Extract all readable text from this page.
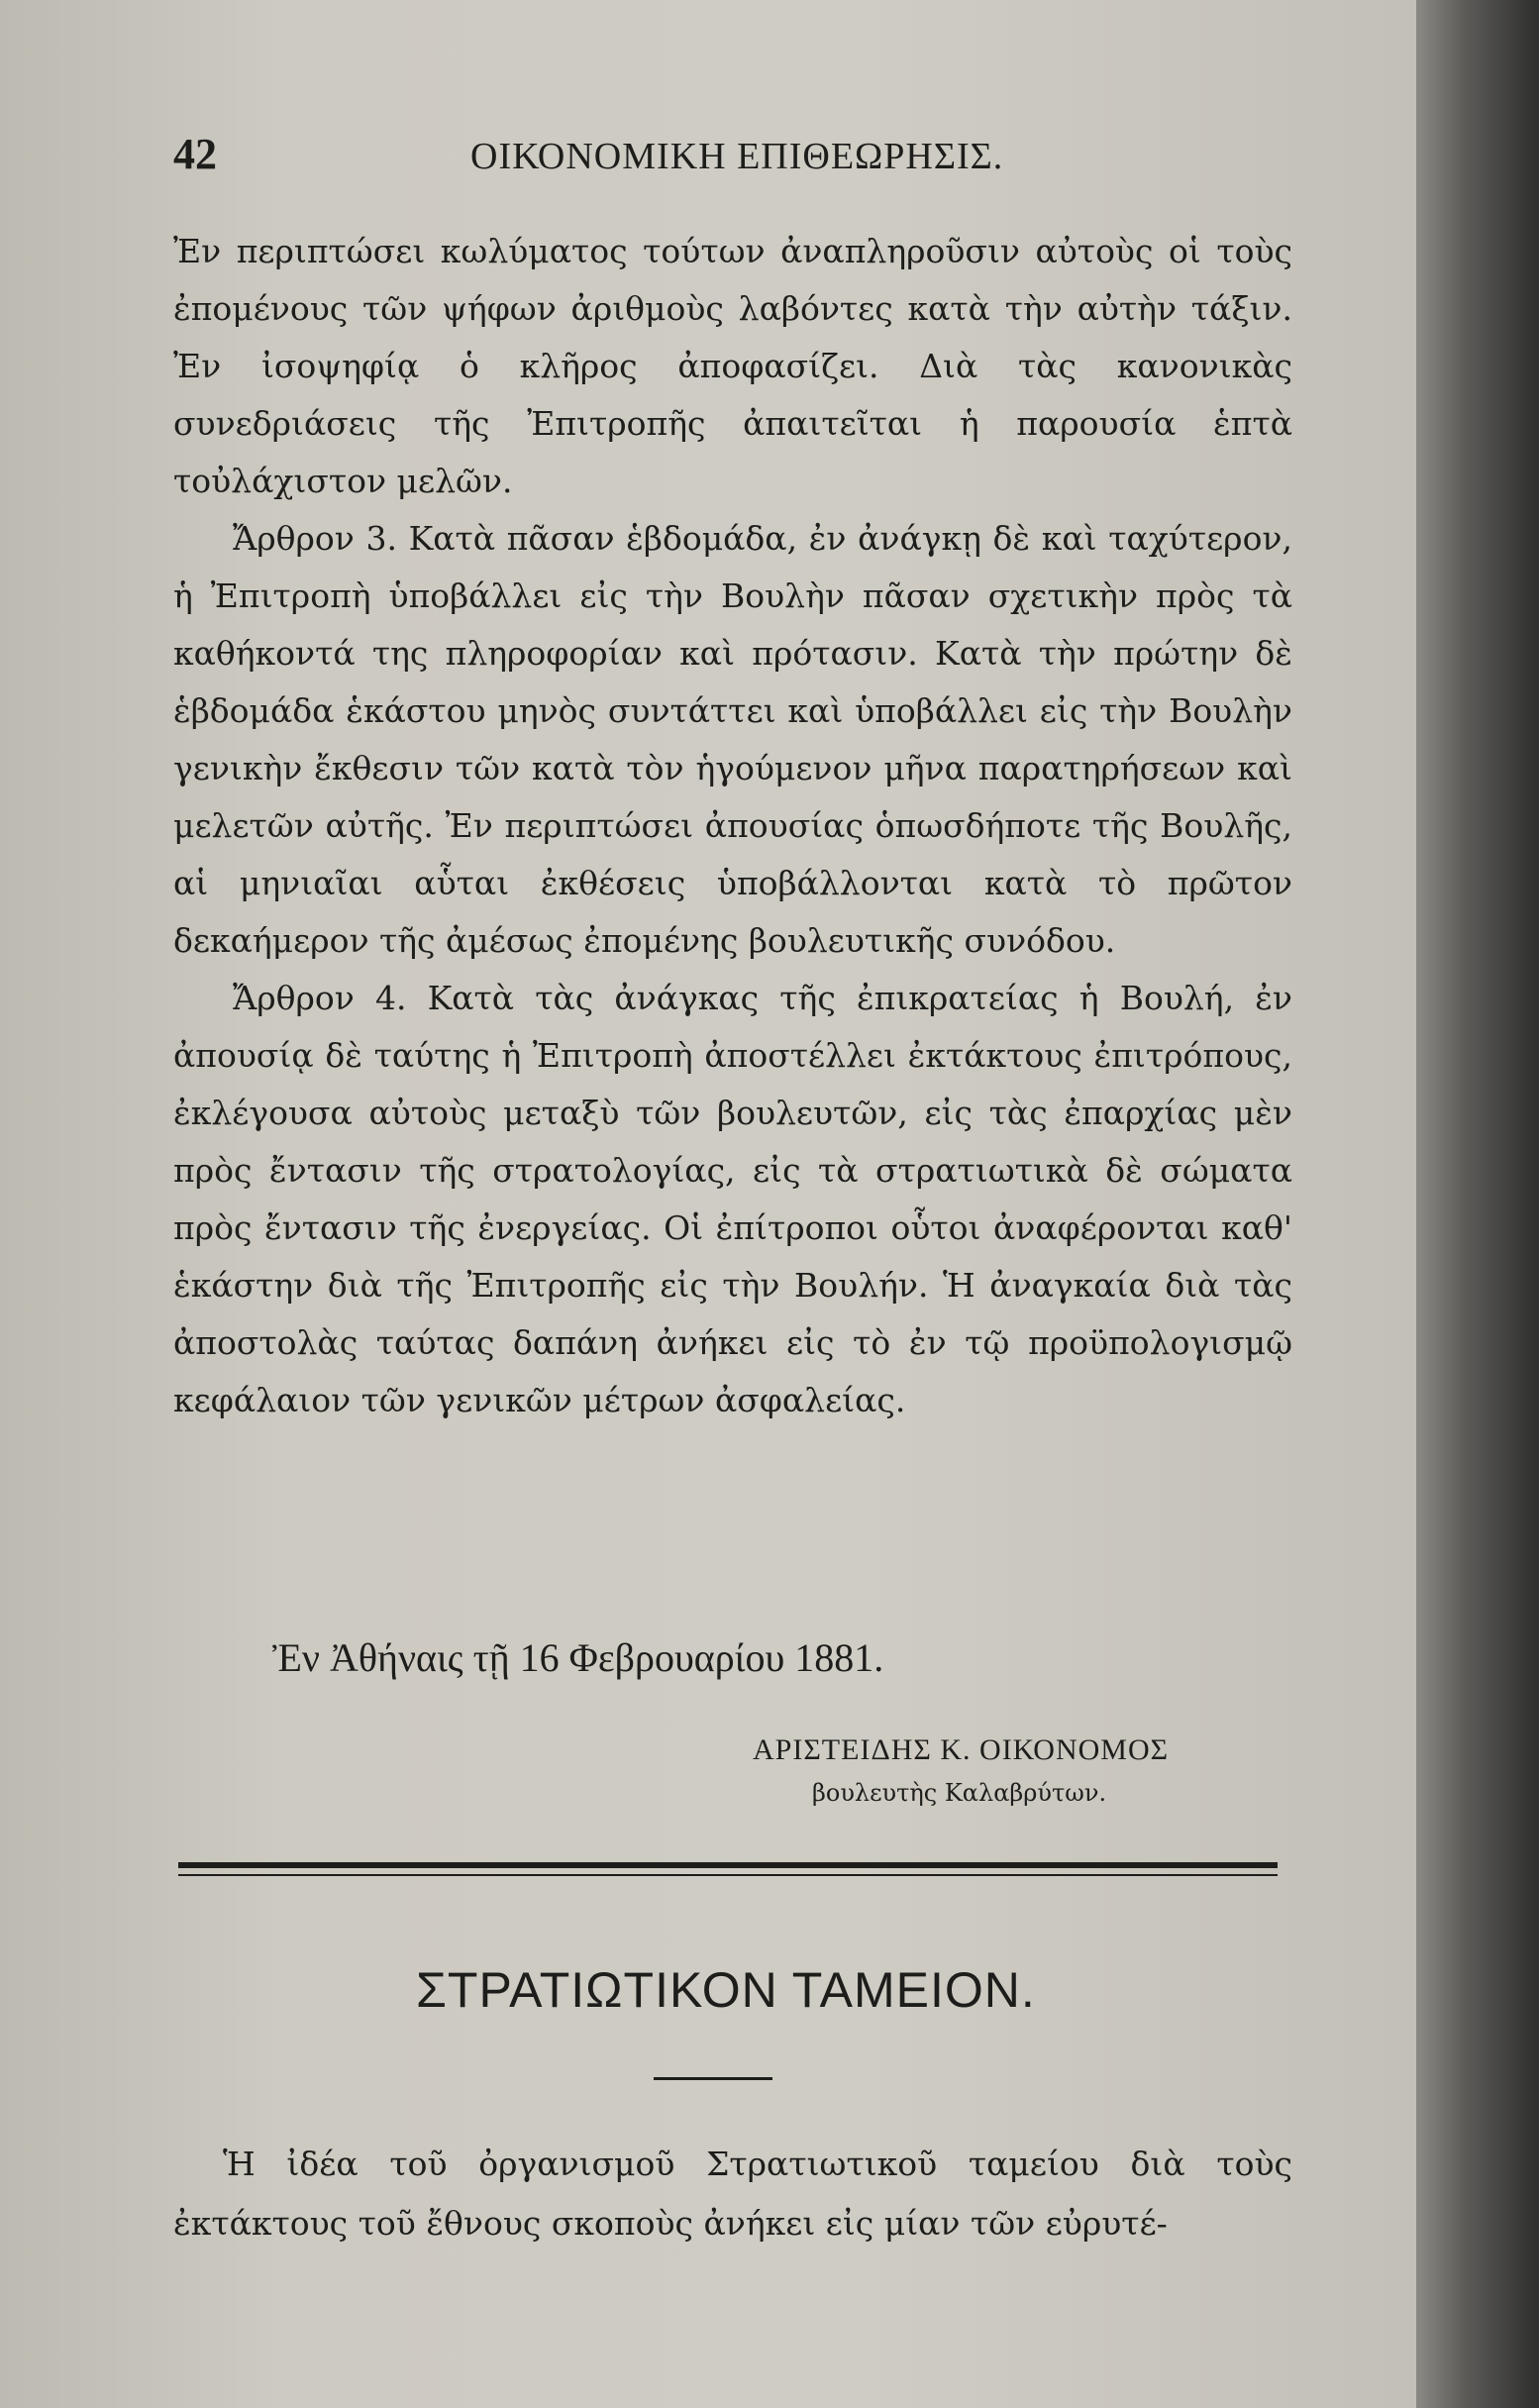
42	ΟΙΚΟΝΟΜΙΚΗ ΕΠΙΘΕΩΡΗΣΙΣ.

Ἐν περιπτώσει κωλύματος τούτων ἀναπληροῦσιν αὐτοὺς οἱ τοὺς ἐπομένους τῶν ψήφων ἀριθμοὺς λαβόντες κατὰ τὴν αὐτὴν τάξιν. Ἐν ἰσοψηφίᾳ ὁ κλῆρος ἀποφασίζει. Διὰ τὰς κανονικὰς συνεδριάσεις τῆς Ἐπιτροπῆς ἀπαιτεῖται ἡ παρουσία ἑπτὰ τοὐλάχιστον μελῶν.

Ἄρθρον 3. Κατὰ πᾶσαν ἑβδομάδα, ἐν ἀνάγκῃ δὲ καὶ ταχύτερον, ἡ Ἐπιτροπὴ ὑποβάλλει εἰς τὴν Βουλὴν πᾶσαν σχετικὴν πρὸς τὰ καθήκοντά της πληροφορίαν καὶ πρότασιν. Κατὰ τὴν πρώτην δὲ ἑβδομάδα ἑκάστου μηνὸς συντάττει καὶ ὑποβάλλει εἰς τὴν Βουλὴν γενικὴν ἔκθεσιν τῶν κατὰ τὸν ἡγούμενον μῆνα παρατηρήσεων καὶ μελετῶν αὐτῆς. Ἐν περιπτώσει ἀπουσίας ὁπωσδήποτε τῆς Βουλῆς, αἱ μηνιαῖαι αὗται ἐκθέσεις ὑποβάλλονται κατὰ τὸ πρῶτον δεκαήμερον τῆς ἀμέσως ἐπομένης βουλευτικῆς συνόδου.

Ἄρθρον 4. Κατὰ τὰς ἀνάγκας τῆς ἐπικρατείας ἡ Βουλή, ἐν ἀπουσίᾳ δὲ ταύτης ἡ Ἐπιτροπὴ ἀποστέλλει ἐκτάκτους ἐπιτρόπους, ἐκλέγουσα αὐτοὺς μεταξὺ τῶν βουλευτῶν, εἰς τὰς ἐπαρχίας μὲν πρὸς ἔντασιν τῆς στρατολογίας, εἰς τὰ στρατιωτικὰ δὲ σώματα πρὸς ἔντασιν τῆς ἐνεργείας. Οἱ ἐπίτροποι οὗτοι ἀναφέρονται καθ' ἑκάστην διὰ τῆς Ἐπιτροπῆς εἰς τὴν Βουλήν. Ἡ ἀναγκαία διὰ τὰς ἀποστολὰς ταύτας δαπάνη ἀνήκει εἰς τὸ ἐν τῷ προϋπολογισμῷ κεφάλαιον τῶν γενικῶν μέτρων ἀσφαλείας.

Ἐν Ἀθήναις τῇ 16 Φεβρουαρίου 1881.
ΑΡΙΣΤΕΙΔΗΣ Κ. ΟΙΚΟΝΟΜΟΣ
βουλευτὴς Καλαβρύτων.
ΣΤΡΑΤΙΩΤΙΚΟΝ ΤΑΜΕΙΟΝ.

Ἡ ἰδέα τοῦ ὀργανισμοῦ Στρατιωτικοῦ ταμείου διὰ τοὺς ἐκτάκτους τοῦ ἔθνους σκοποὺς ἀνήκει εἰς μίαν τῶν εὐρυτέ-
